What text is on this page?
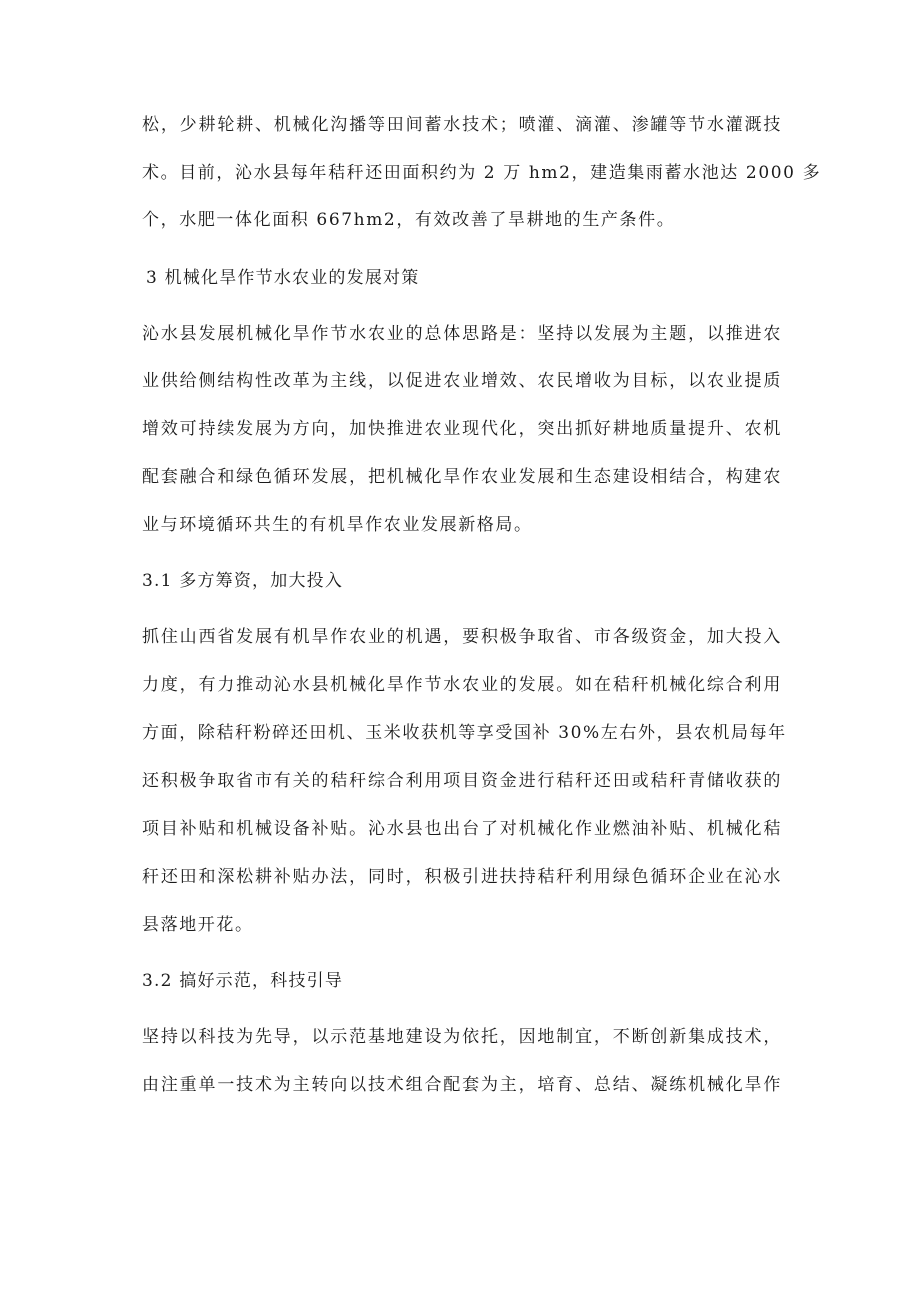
松，少耕轮耕、机械化沟播等田间蓄水技术；喷灌、滴灌、渗罐等节水灌溉技
术。目前，沁水县每年秸秆还田面积约为 2 万 hm2，建造集雨蓄水池达 2000 多
个，水肥一体化面积 667hm2，有效改善了旱耕地的生产条件。
3 机械化旱作节水农业的发展对策
沁水县发展机械化旱作节水农业的总体思路是：坚持以发展为主题，以推进农
业供给侧结构性改革为主线，以促进农业增效、农民增收为目标，以农业提质
增效可持续发展为方向，加快推进农业现代化，突出抓好耕地质量提升、农机
配套融合和绿色循环发展，把机械化旱作农业发展和生态建设相结合，构建农
业与环境循环共生的有机旱作农业发展新格局。
3.1 多方筹资，加大投入
抓住山西省发展有机旱作农业的机遇，要积极争取省、市各级资金，加大投入
力度，有力推动沁水县机械化旱作节水农业的发展。如在秸秆机械化综合利用
方面，除秸秆粉碎还田机、玉米收获机等享受国补 30%左右外，县农机局每年
还积极争取省市有关的秸秆综合利用项目资金进行秸秆还田或秸秆青储收获的
项目补贴和机械设备补贴。沁水县也出台了对机械化作业燃油补贴、机械化秸
秆还田和深松耕补贴办法，同时，积极引进扶持秸秆利用绿色循环企业在沁水
县落地开花。
3.2 搞好示范，科技引导
坚持以科技为先导，以示范基地建设为依托，因地制宜，不断创新集成技术，
由注重单一技术为主转向以技术组合配套为主，培育、总结、凝练机械化旱作
